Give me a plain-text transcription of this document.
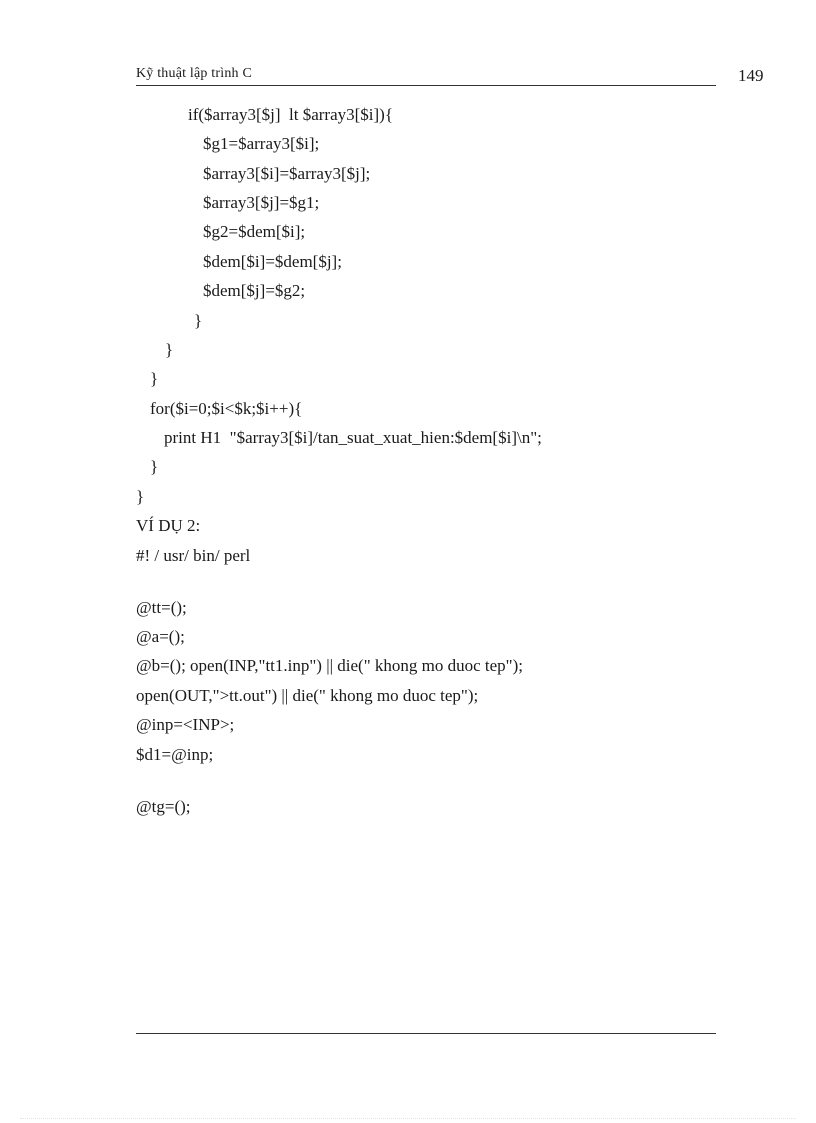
Kỹ thuật lập trình C	149
if($array3[$j]  lt $array3[$i]){
$g1=$array3[$i];
$array3[$i]=$array3[$j];
$array3[$j]=$g1;
$g2=$dem[$i];
$dem[$i]=$dem[$j];
$dem[$j]=$g2;
}
}
}
for($i=0;$i<$k;$i++){
print H1  "$array3[$i]/tan_suat_xuat_hien:$dem[$i]\n";
}
}
VÍ DỤ 2:
#! / usr/ bin/ perl
@tt=();
@a=();
@b=(); open(INP,"tt1.inp") || die(" khong mo duoc tep");
open(OUT,">tt.out") || die(" khong mo duoc tep");
@inp=<INP>;
$d1=@inp;
@tg=();
